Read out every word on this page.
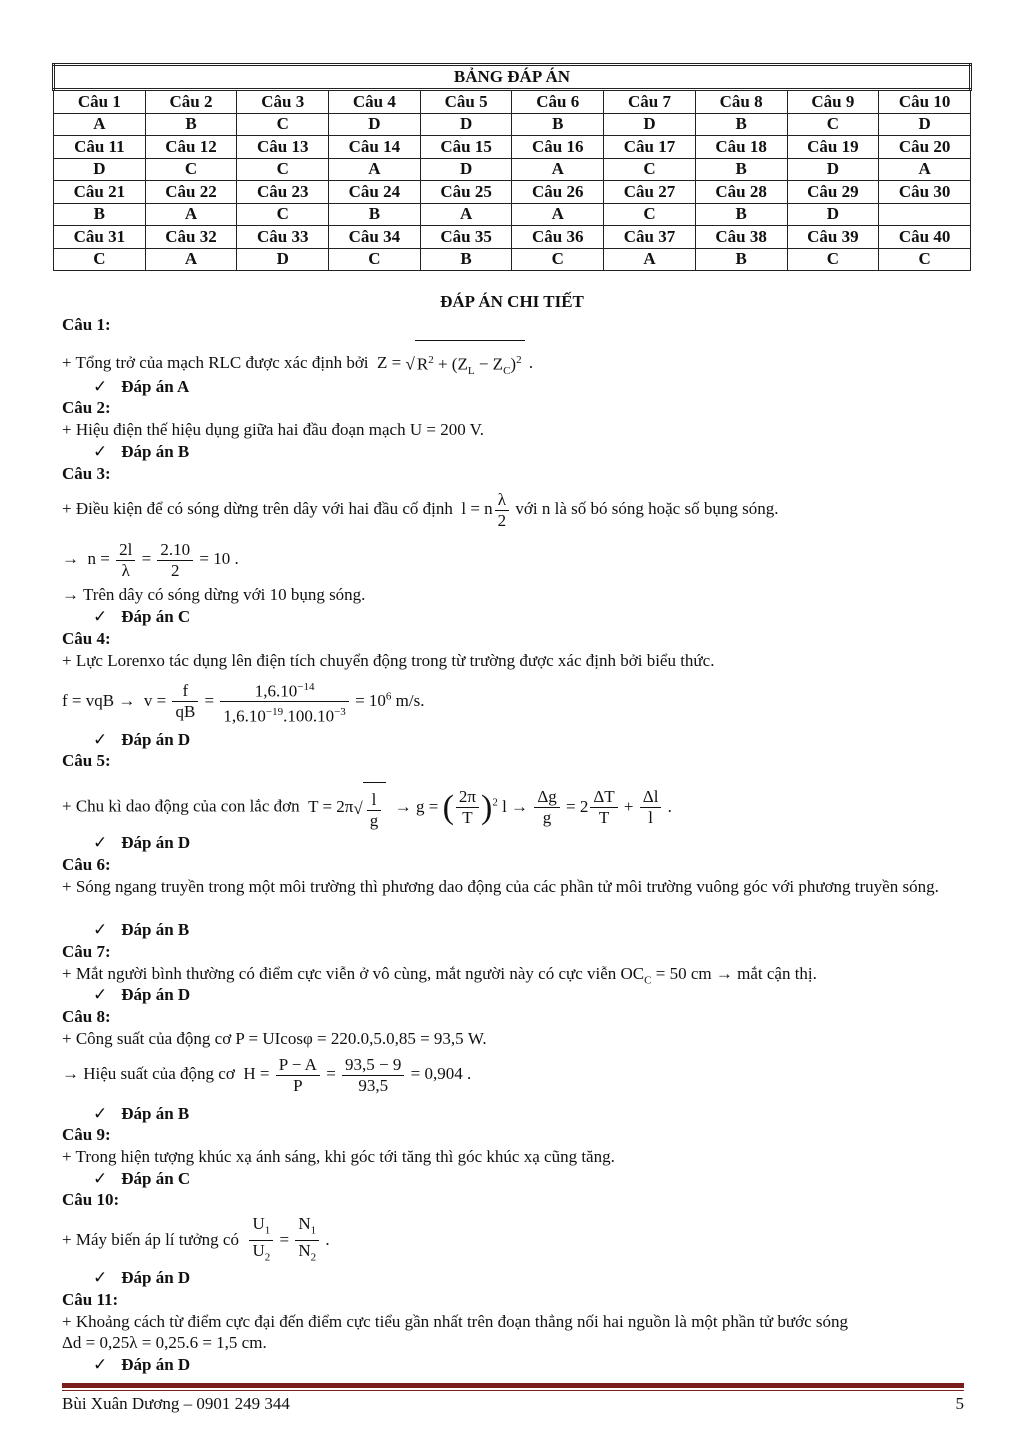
BẢNG ĐÁP ÁN									
Câu 1	Câu 2	Câu 3	Câu 4	Câu 5	Câu 6	Câu 7	Câu 8	Câu 9	Câu 10
A	B	C	D	D	B	D	B	C	D
Câu 11	Câu 12	Câu 13	Câu 14	Câu 15	Câu 16	Câu 17	Câu 18	Câu 19	Câu 20
D	C	C	A	D	A	C	B	D	A
Câu 21	Câu 22	Câu 23	Câu 24	Câu 25	Câu 26	Câu 27	Câu 28	Câu 29	Câu 30
B	A	C	B	A	A	C	B	D	
Câu 31	Câu 32	Câu 33	Câu 34	Câu 35	Câu 36	Câu 37	Câu 38	Câu 39	Câu 40
C	A	D	C	B	C	A	B	C	C
ĐÁP ÁN CHI TIẾT
Câu 1:
+ Tổng trở của mạch RLC được xác định bởi  Z = √ $R^2 + (Z_L - Z_C)^2$ .
✓ Đáp án A
Câu 2:
+ Hiệu điện thế hiệu dụng giữa hai đầu đoạn mạch U = 200 V.
✓ Đáp án B
Câu 3:
+ Điều kiện để có sóng dừng trên dây với hai đầu cố định  l = n $\frac{\lambda}{2}$ với n là số bó sóng hoặc số bụng sóng.
→  $n = \frac{2l}{\lambda} = \frac{2.10}{2} = 10$ .
→ Trên dây có sóng dừng với 10 bụng sóng.
✓ Đáp án C
Câu 4:
+ Lực Lorenxo tác dụng lên điện tích chuyển động trong từ trường được xác định bởi biểu thức.
f = vqB →  $v = \frac{f}{qB} = \frac{1,6.10^{-14}}{1,6.10^{-19}.100.10^{-3}} = 10^6$ m/s.
✓ Đáp án D
Câu 5:
+ Chu kì dao động của con lắc đơn  $T = 2\pi√ \frac{l}{g} \to g$ = ( $\frac{2\pi}{T} )^2$ $l \to \frac{\Delta g}{g} = 2 \frac{\Delta T}{T} + \frac{\Delta l}{l}$ .
✓ Đáp án D
Câu 6:
+ Sóng ngang truyền trong một môi trường thì phương dao động của các phần tử môi trường vuông góc với phương truyền sóng.
✓ Đáp án B
Câu 7:
+ Mắt người bình thường có điểm cực viễn ở vô cùng, mắt người này có cực viễn $OC_C = 50$ cm → mắt cận thị.
✓ Đáp án D
Câu 8:
+ Công suất của động cơ P = UIcosφ = 220.0,5.0,85 = 93,5 W.
→ Hiệu suất của động cơ  $H = \frac{P - A}{P} = \frac{93,5 - 9}{93,5} = 0,904$ .
✓ Đáp án B
Câu 9:
+ Trong hiện tượng khúc xạ ánh sáng, khi góc tới tăng thì góc khúc xạ cũng tăng.
✓ Đáp án C
Câu 10:
+ Máy biến áp lí tưởng có $\frac{U_1}{U_2} = \frac{N_1}{N_2}$ .
✓ Đáp án D
Câu 11:
+ Khoảng cách từ điểm cực đại đến điểm cực tiểu gần nhất trên đoạn thẳng nối hai nguồn là một phần tử bước sóng
Δd = 0,25λ = 0,25.6 = 1,5 cm.
✓ Đáp án D
Bùi Xuân Dương – 0901 249 344	5
